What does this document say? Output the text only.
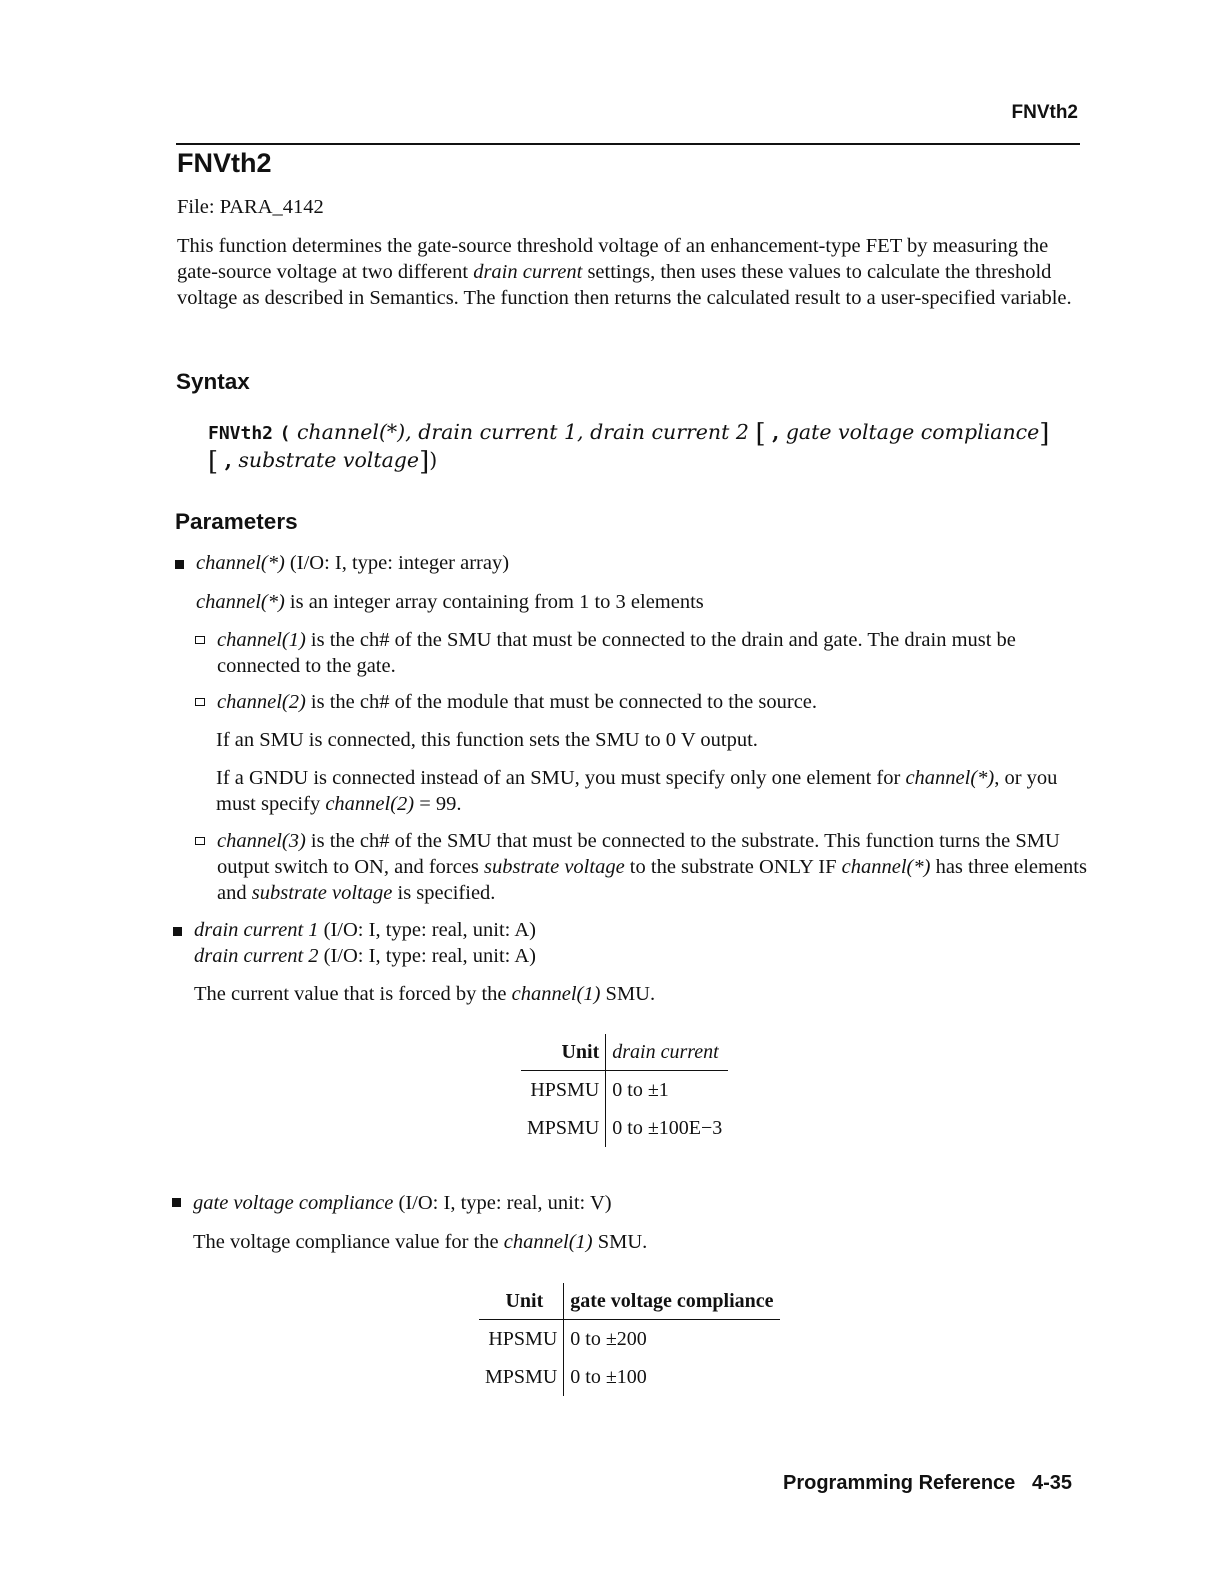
FNVth2
FNVth2
File: PARA_4142
This function determines the gate-source threshold voltage of an enhancement-type FET by measuring the gate-source voltage at two different drain current settings, then uses these values to calculate the threshold voltage as described in Semantics. The function then returns the calculated result to a user-specified variable.
Syntax
FNVth2 ( channel(*), drain current 1, drain current 2 [ , gate voltage compliance]
[ , substrate voltage])
Parameters
channel(*) (I/O: I, type: integer array)
channel(*) is an integer array containing from 1 to 3 elements
channel(1) is the ch# of the SMU that must be connected to the drain and gate. The drain must be connected to the gate.
channel(2) is the ch# of the module that must be connected to the source.
If an SMU is connected, this function sets the SMU to 0 V output.
If a GNDU is connected instead of an SMU, you must specify only one element for channel(*), or you must specify channel(2) = 99.
channel(3) is the ch# of the SMU that must be connected to the substrate. This function turns the SMU output switch to ON, and forces substrate voltage to the substrate ONLY IF channel(*) has three elements and substrate voltage is specified.
drain current 1 (I/O: I, type: real, unit: A)
drain current 2 (I/O: I, type: real, unit: A)
The current value that is forced by the channel(1) SMU.
Unit	drain current
HPSMU	0 to ±1
MPSMU	0 to ±100E−3
gate voltage compliance (I/O: I, type: real, unit: V)
The voltage compliance value for the channel(1) SMU.
Unit	gate voltage compliance
HPSMU	0 to ±200
MPSMU	0 to ±100
Programming Reference 4-35
